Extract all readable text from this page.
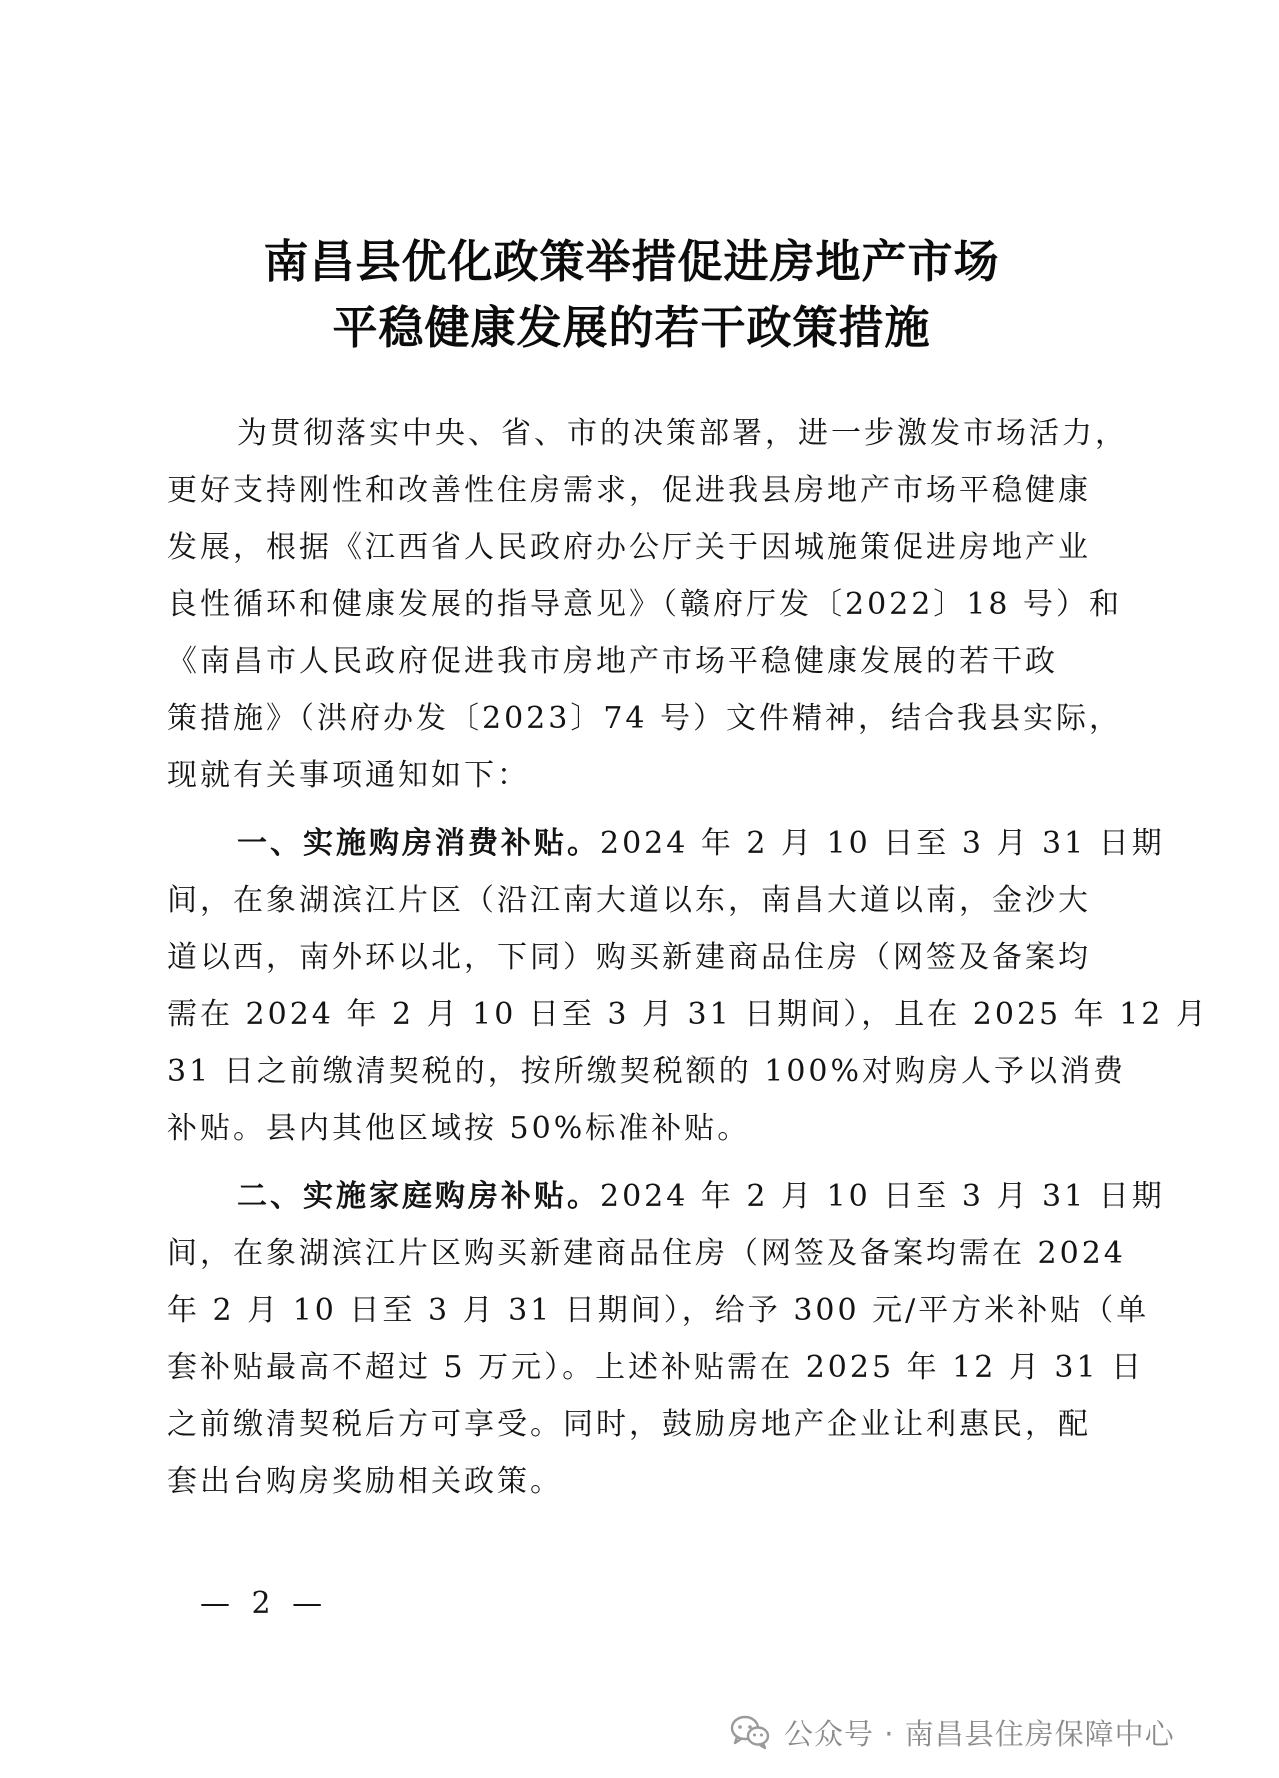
南昌县优化政策举措促进房地产市场
平稳健康发展的若干政策措施
为贯彻落实中央、省、市的决策部署，进一步激发市场活力，
更好支持刚性和改善性住房需求，促进我县房地产市场平稳健康
发展，根据《江西省人民政府办公厅关于因城施策促进房地产业
良性循环和健康发展的指导意见》（赣府厅发〔2022〕18 号）和
《南昌市人民政府促进我市房地产市场平稳健康发展的若干政
策措施》（洪府办发〔2023〕74 号）文件精神，结合我县实际，
现就有关事项通知如下：
一、实施购房消费补贴。2024 年 2 月 10 日至 3 月 31 日期
间，在象湖滨江片区（沿江南大道以东，南昌大道以南，金沙大
道以西，南外环以北，下同）购买新建商品住房（网签及备案均
需在 2024 年 2 月 10 日至 3 月 31 日期间），且在 2025 年 12 月
31 日之前缴清契税的，按所缴契税额的 100%对购房人予以消费
补贴。县内其他区域按 50%标准补贴。
二、实施家庭购房补贴。2024 年 2 月 10 日至 3 月 31 日期
间，在象湖滨江片区购买新建商品住房（网签及备案均需在 2024
年 2 月 10 日至 3 月 31 日期间），给予 300 元/平方米补贴（单
套补贴最高不超过 5 万元）。上述补贴需在 2025 年 12 月 31 日
之前缴清契税后方可享受。同时，鼓励房地产企业让利惠民，配
套出台购房奖励相关政策。
— 2 —
公众号 · 南昌县住房保障中心
